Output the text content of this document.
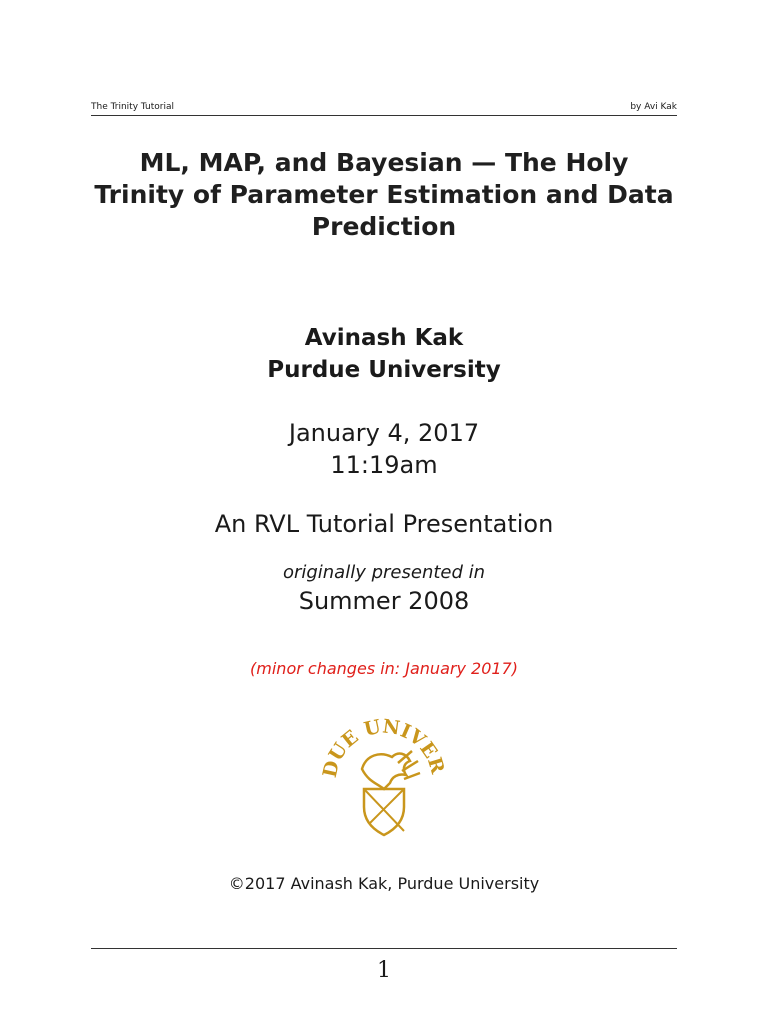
The Trinity Tutorial	by Avi Kak
ML, MAP, and Bayesian — The Holy
Trinity of Parameter Estimation and Data
Prediction
Avinash Kak
Purdue University
January 4, 2017
11:19am
An RVL Tutorial Presentation
originally presented in
Summer 2008
(minor changes in: January 2017)
DUE UNIVER
©2017 Avinash Kak, Purdue University
1
